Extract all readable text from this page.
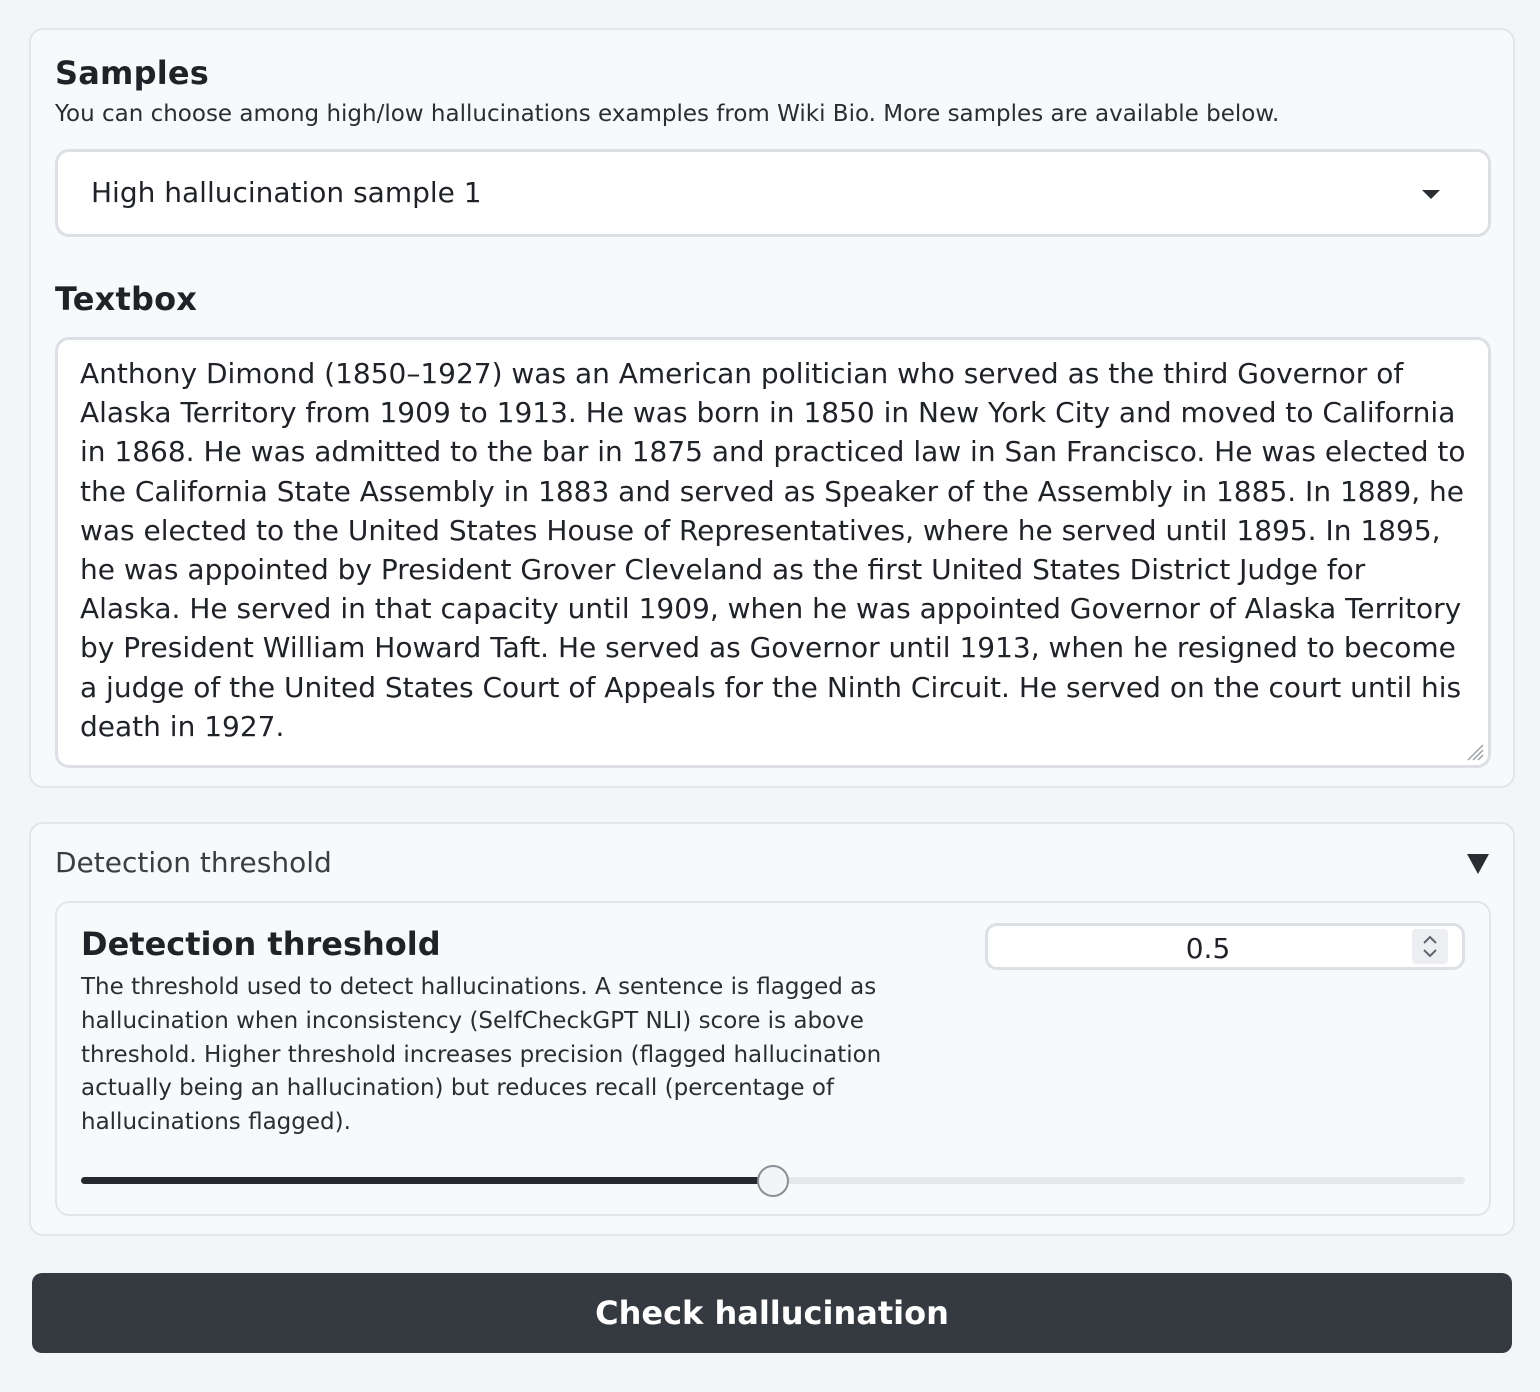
Samples
You can choose among high/low hallucinations examples from Wiki Bio. More samples are available below.
High hallucination sample 1
Textbox
Anthony Dimond (1850–1927) was an American politician who served as the third Governor of Alaska Territory from 1909 to 1913. He was born in 1850 in New York City and moved to California in 1868. He was admitted to the bar in 1875 and practiced law in San Francisco. He was elected to the California State Assembly in 1883 and served as Speaker of the Assembly in 1885. In 1889, he was elected to the United States House of Representatives, where he served until 1895. In 1895, he was appointed by President Grover Cleveland as the first United States District Judge for Alaska. He served in that capacity until 1909, when he was appointed Governor of Alaska Territory by President William Howard Taft. He served as Governor until 1913, when he resigned to become a judge of the United States Court of Appeals for the Ninth Circuit. He served on the court until his death in 1927.
Detection threshold
Detection threshold
The threshold used to detect hallucinations. A sentence is flagged as hallucination when inconsistency (SelfCheckGPT NLI) score is above threshold. Higher threshold increases precision (flagged hallucination actually being an hallucination) but reduces recall (percentage of hallucinations flagged).
0.5
Check hallucination
